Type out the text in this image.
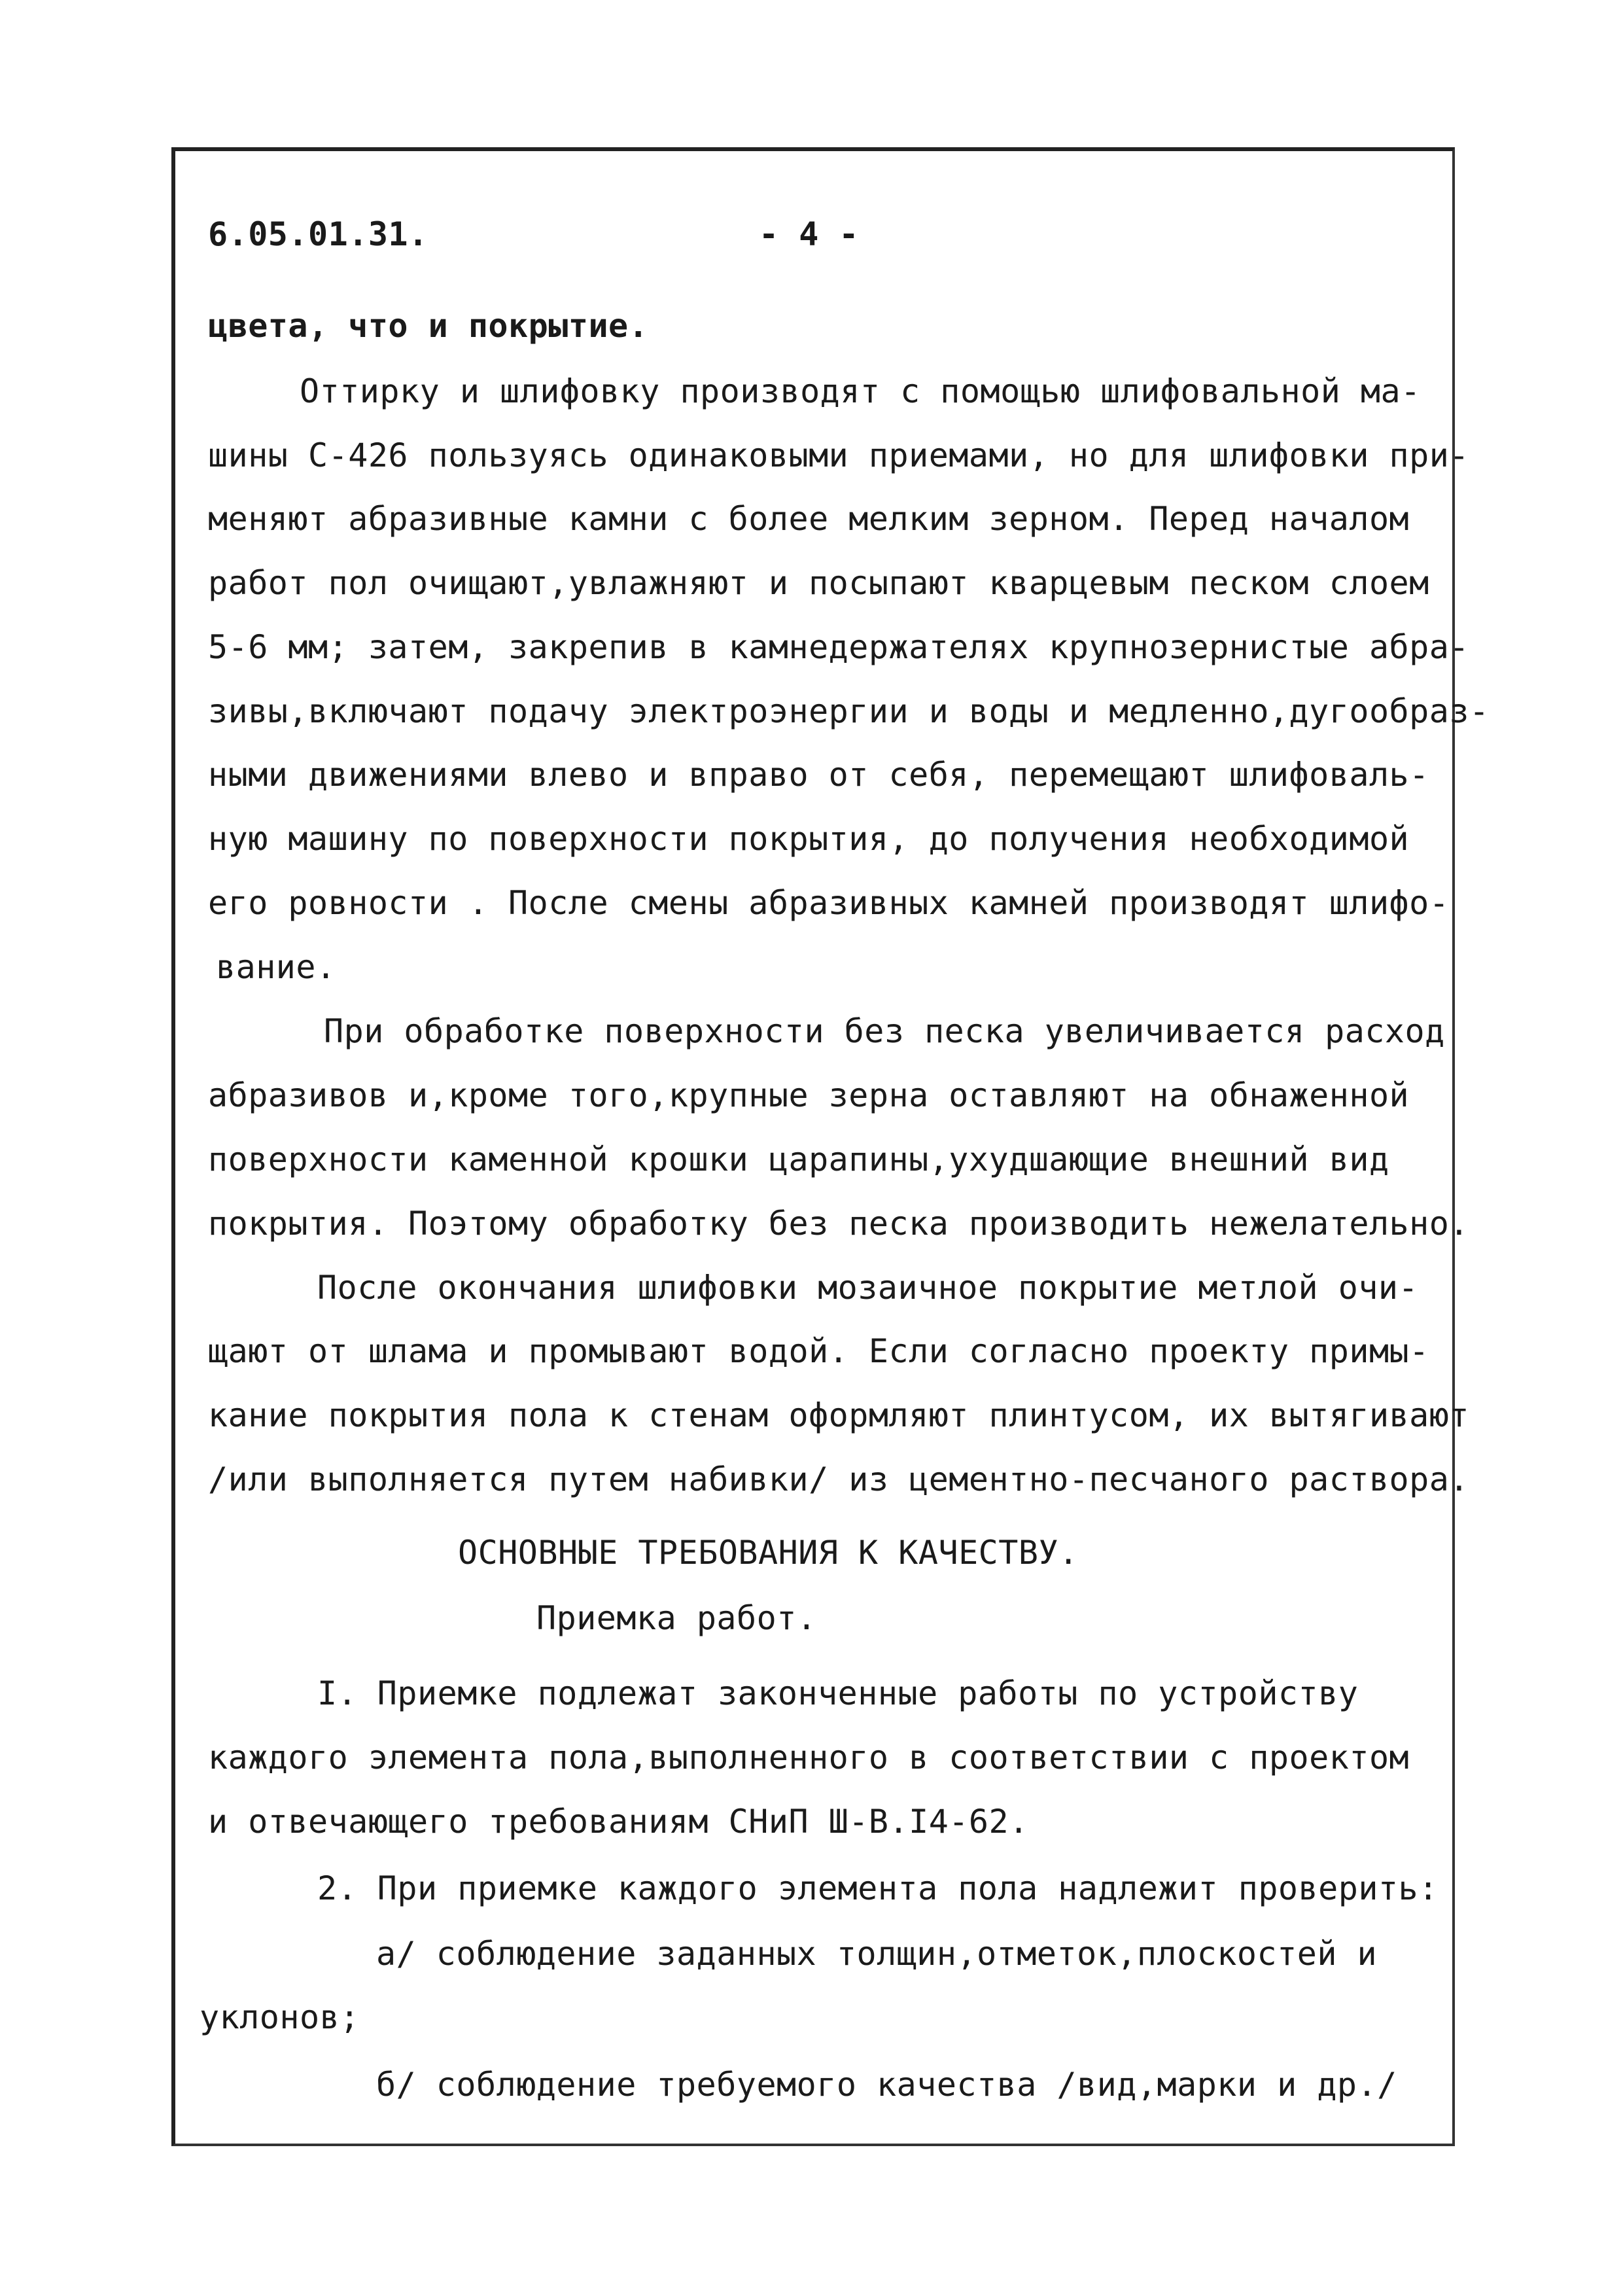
6.05.01.31.	- 4 -

цвета, что и покрытие.

Оттирку и шлифовку производят с помощью шлифовальной ма-

шины С-426 пользуясь одинаковыми приемами, но для шлифовки при-

меняют абразивные камни с более мелким зерном. Перед началом

работ пол очищают,увлажняют и посыпают кварцевым песком слоем

5-6 мм; затем, закрепив в камнедержателях крупнозернистые абра-

зивы,включают подачу электроэнергии и воды и медленно,дугообраз-

ными движениями влево и вправо от себя, перемещают шлифоваль-

ную машину по поверхности покрытия, до получения необходимой

его ровности . После смены абразивных камней производят шлифо-

вание.

При обработке поверхности без песка увеличивается расход

абразивов и,кроме того,крупные зерна оставляют на обнаженной

поверхности каменной крошки царапины,ухудшающие внешний вид

покрытия. Поэтому обработку без песка производить нежелательно.

После окончания шлифовки мозаичное покрытие метлой очи-

щают от шлама и промывают водой. Если согласно проекту примы-

кание покрытия пола к стенам оформляют плинтусом, их вытягивают

/или выполняется путем набивки/ из цементно-песчаного раствора.

ОСНОВНЫЕ ТРЕБОВАНИЯ К КАЧЕСТВУ.

Приемка работ.

I. Приемке подлежат законченные работы по устройству

каждого элемента пола,выполненного в соответствии с проектом

и отвечающего требованиям СНиП Ш-В.I4-62.

2. При приемке каждого элемента пола надлежит проверить:

а/ соблюдение заданных толщин,отметок,плоскостей и

уклонов;

б/ соблюдение требуемого качества /вид,марки и др./
